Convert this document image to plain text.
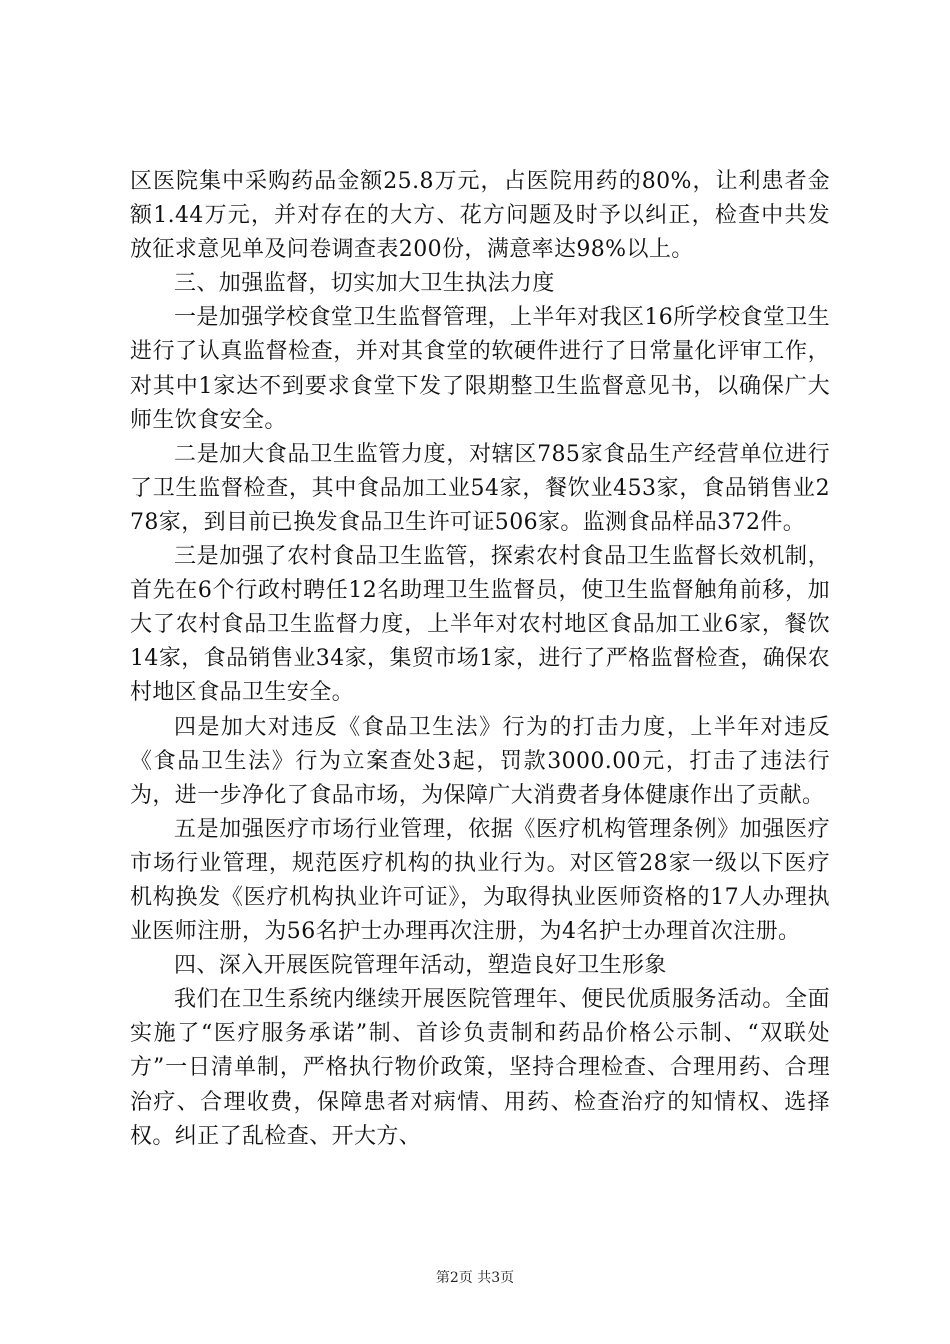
区医院集中采购药品金额25.8万元，占医院用药的80%，让利患者金额1.44万元，并对存在的大方、花方问题及时予以纠正，检查中共发放征求意见单及问卷调查表200份，满意率达98%以上。

三、加强监督，切实加大卫生执法力度

一是加强学校食堂卫生监督管理，上半年对我区16所学校食堂卫生进行了认真监督检查，并对其食堂的软硬件进行了日常量化评审工作，对其中1家达不到要求食堂下发了限期整卫生监督意见书，以确保广大师生饮食安全。

二是加大食品卫生监管力度，对辖区785家食品生产经营单位进行了卫生监督检查，其中食品加工业54家，餐饮业453家，食品销售业278家，到目前已换发食品卫生许可证506家。监测食品样品372件。

三是加强了农村食品卫生监管，探索农村食品卫生监督长效机制，首先在6个行政村聘任12名助理卫生监督员，使卫生监督触角前移，加大了农村食品卫生监督力度，上半年对农村地区食品加工业6家，餐饮14家，食品销售业34家，集贸市场1家，进行了严格监督检查，确保农村地区食品卫生安全。

四是加大对违反《食品卫生法》行为的打击力度，上半年对违反《食品卫生法》行为立案查处3起，罚款3000.00元，打击了违法行为，进一步净化了食品市场，为保障广大消费者身体健康作出了贡献。

五是加强医疗市场行业管理，依据《医疗机构管理条例》加强医疗市场行业管理，规范医疗机构的执业行为。对区管28家一级以下医疗机构换发《医疗机构执业许可证》，为取得执业医师资格的17人办理执业医师注册，为56名护士办理再次注册，为4名护士办理首次注册。

四、深入开展医院管理年活动，塑造良好卫生形象

我们在卫生系统内继续开展医院管理年、便民优质服务活动。全面实施了“医疗服务承诺”制、首诊负责制和药品价格公示制、“双联处方”一日清单制，严格执行物价政策，坚持合理检查、合理用药、合理治疗、合理收费，保障患者对病情、用药、检查治疗的知情权、选择权。纠正了乱检查、开大方、

第2页 共3页
